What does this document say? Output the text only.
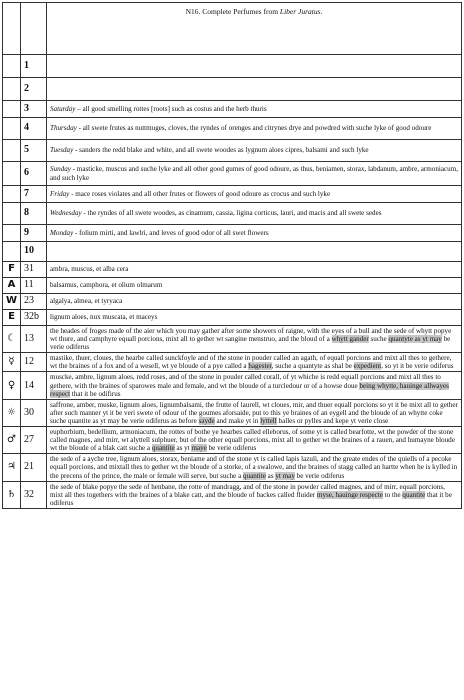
		N16. Complete Perfumes from Liber Juratus.
	1	
	2	
	3	Saturday – all good smelling rottes [roots] such as costus and the herb thuris
	4	Thursday - all swete frutes as nuttmuges, cloves, the ryndes of orenges and citrynes drye and powdred with suche lyke of good odoure
	5	Tuesday - sanders the redd blake and white, and all swete woodes as lygnum aloes cipres, balsami and such lyke
	6	Sunday - masticke, muscus and suche lyke and all other good gumes of good odoure, as thus, beniamen, storax, labdanum, ambre, armoniacum, and such lyke
	7	Friday - mace roses violates and all other frutes or flowers of good odoure as crocus and such lyke
	8	Wednesday - the ryndes of all swete woodes, as cinamum, cassia, ligina corticus, lauri, and macis and all swete sedes
	9	Monday - folium mirti, and lawlri, and leves of good odor of all swet flowers
	10	
F	31	ambra, muscus, et alba cera
A	11	balsamus, camphora, et olium olmarum
W	23	algalya, almea, et tyryaca
E	32b	lignum aloes, nux muscata, et maceys
☾	13	the heades of froges made of the aier which you may gather after some showers of raigne, with the eyes of a bull and the sede of whytt popye wt thure, and camphyre equall porcions, mixt all to gether wt sangine menstruo, and the bloud of a whytt gander suche quantyte as yt may be verie odiferus
☿	12	mastike, thuer, cloues, the hearbe called sunckfoyle and of the stone in pouder called an agath, of equall porcions and mixt all thes to gethere, wt the braines of a fox and of a wesell, wt ye bloude of a pye called a hagester, suche a quantyte as shal be expedient, so yt it be verie odiferus
♀	14	muscke, ambre, lignum aloes, redd roses, and of the stone in pouder called corall, of yt whiche is redd equall porcions and mixt all thes to gethere, with the braines of sparowes male and female, and wt the bloude of a turcledour or of a howse doue being whytte, hauinge allwayes respect that it be odifirus
☼	30	saffrone, amber, muske, lignum aloes, lignumbalsami, the frutte of laurell, wt cloues, mir, and thuer equall porcions so yt it be mixt all to gether after such manner yt it be veri swete of odour of the goumes aforsaide, put to this ye braines of an eygell and the bloude of an whytte coke suche quantite as yt may be verie odiferus as before sayde and make yt in lyttell balles or pylles and kepe yt verie close
♂	27	euphorbium, bedellium, armoniacum, the rottes of bothe ye hearbes called elleborus, of some yt is called bearfotte, wt the powder of the stone called magnes, and mirr, wt alyttell sulphuer, but of the other equall porcions, mixt all to gether wt the braines of a rauen, and humayne bloude wt the bloude of a blak catt suche a quantite as yt maye be verie odiferus
♃	21	the sede of a ayche tree, lignum aloes, storax, beniame and of the stone yt is called lapis lazuli, and the greate endes of the quiells of a pecoke equall porcions, and mixtall thes to gether wt the bloude of a storke, of a swalowe, and the braines of stagg called an hartte when he is kylled in the precens of the prince, the male or female will serve, but suche a quantite as yt may be verie odiferus
♄	32	the sede of blake popye the sede of henbane, the rotte of mandragg, and of the stone in powder called magnes, and of mirr, equall porcions, mixt all thes togethers with the braines of a blake catt, and the bloude of backes called fluider myse, hauinge respecte to the quantite that it be odiferus
